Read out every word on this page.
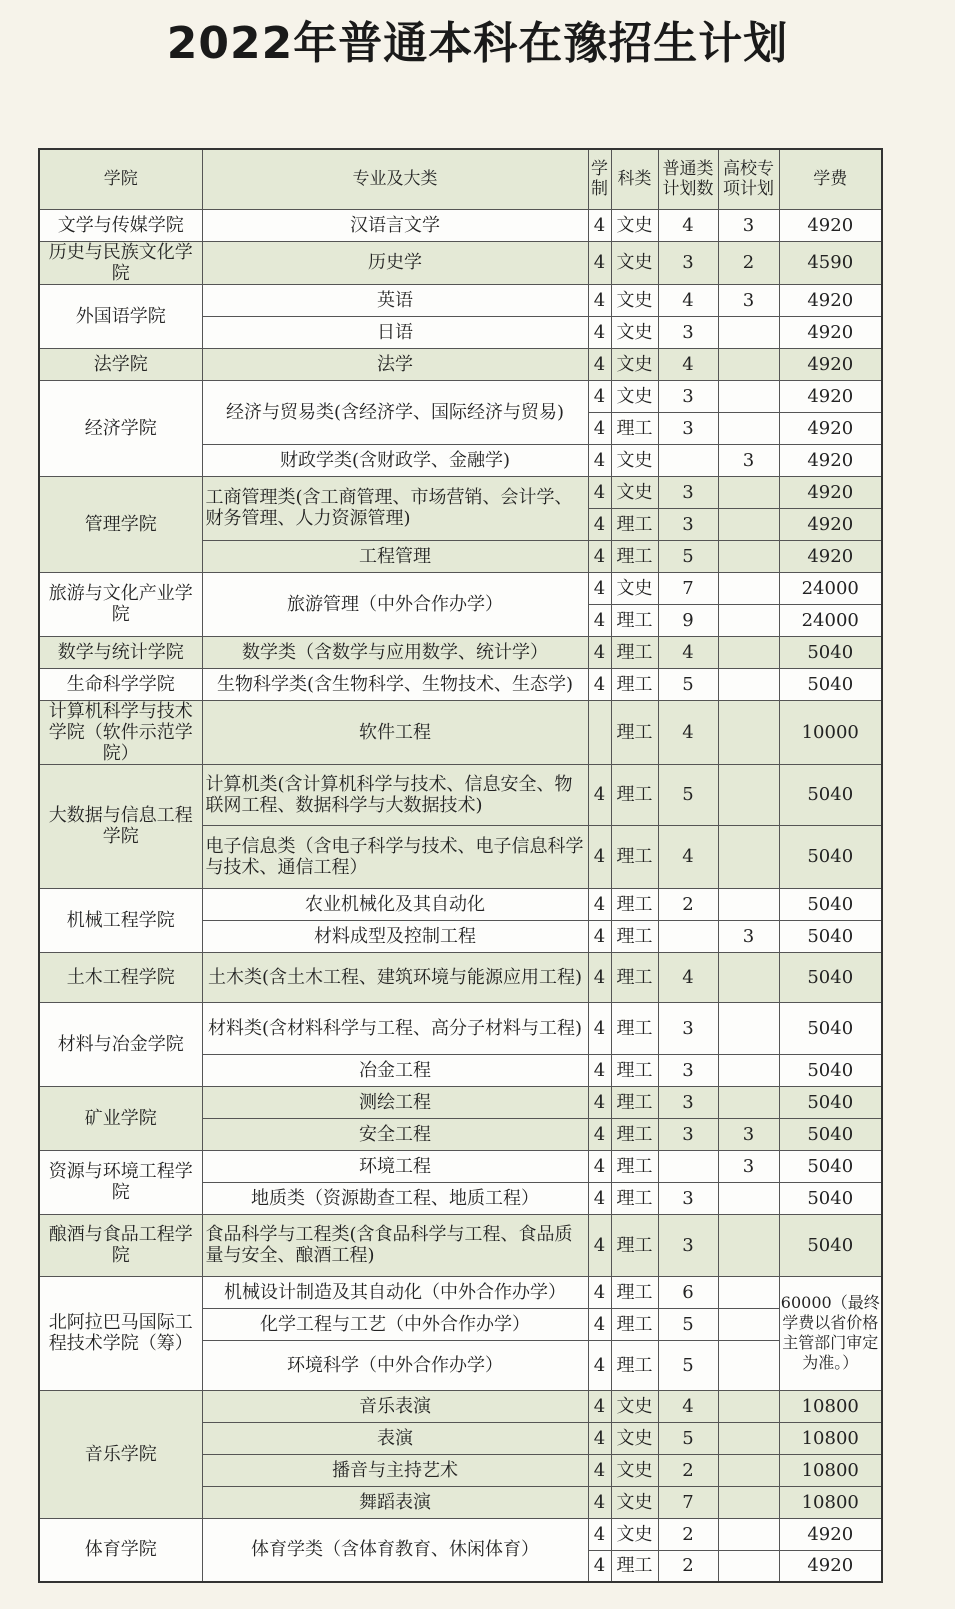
2022年普通本科在豫招生计划
学院	专业及大类	学制	科类	普通类计划数	高校专项计划	学费
文学与传媒学院	汉语言文学	4	文史	4	3	4920
历史与民族文化学院	历史学	4	文史	3	2	4590
外国语学院	英语	4	文史	4	3	4920
	日语	4	文史	3		4920
法学院	法学	4	文史	4		4920
经济学院	经济与贸易类(含经济学、国际经济与贸易)	4	文史	3		4920
		4	理工	3		4920
	财政学类(含财政学、金融学)	4	文史		3	4920
管理学院	工商管理类(含工商管理、市场营销、会计学、财务管理、人力资源管理)	4	文史	3		4920
		4	理工	3		4920
	工程管理	4	理工	5		4920
旅游与文化产业学院	旅游管理（中外合作办学）	4	文史	7		24000
		4	理工	9		24000
数学与统计学院	数学类（含数学与应用数学、统计学）	4	理工	4		5040
生命科学学院	生物科学类(含生物科学、生物技术、生态学)	4	理工	5		5040
计算机科学与技术学院（软件示范学院）	软件工程		理工	4		10000
大数据与信息工程学院	计算机类(含计算机科学与技术、信息安全、物联网工程、数据科学与大数据技术)	4	理工	5		5040
	电子信息类（含电子科学与技术、电子信息科学与技术、通信工程）	4	理工	4		5040
机械工程学院	农业机械化及其自动化	4	理工	2		5040
	材料成型及控制工程	4	理工		3	5040
土木工程学院	土木类(含土木工程、建筑环境与能源应用工程)	4	理工	4		5040
材料与冶金学院	材料类(含材料科学与工程、高分子材料与工程)	4	理工	3		5040
	冶金工程	4	理工	3		5040
矿业学院	测绘工程	4	理工	3		5040
	安全工程	4	理工	3	3	5040
资源与环境工程学院	环境工程	4	理工		3	5040
	地质类（资源勘查工程、地质工程）	4	理工	3		5040
酿酒与食品工程学院	食品科学与工程类(含食品科学与工程、食品质量与安全、酿酒工程)	4	理工	3		5040
北阿拉巴马国际工程技术学院（筹）	机械设计制造及其自动化（中外合作办学）	4	理工	6		60000（最终学费以省价格主管部门审定为准。）
	化学工程与工艺（中外合作办学）	4	理工	5		
	环境科学（中外合作办学）	4	理工	5		
音乐学院	音乐表演	4	文史	4		10800
	表演	4	文史	5		10800
	播音与主持艺术	4	文史	2		10800
	舞蹈表演	4	文史	7		10800
体育学院	体育学类（含体育教育、休闲体育）	4	文史	2		4920
		4	理工	2		4920
